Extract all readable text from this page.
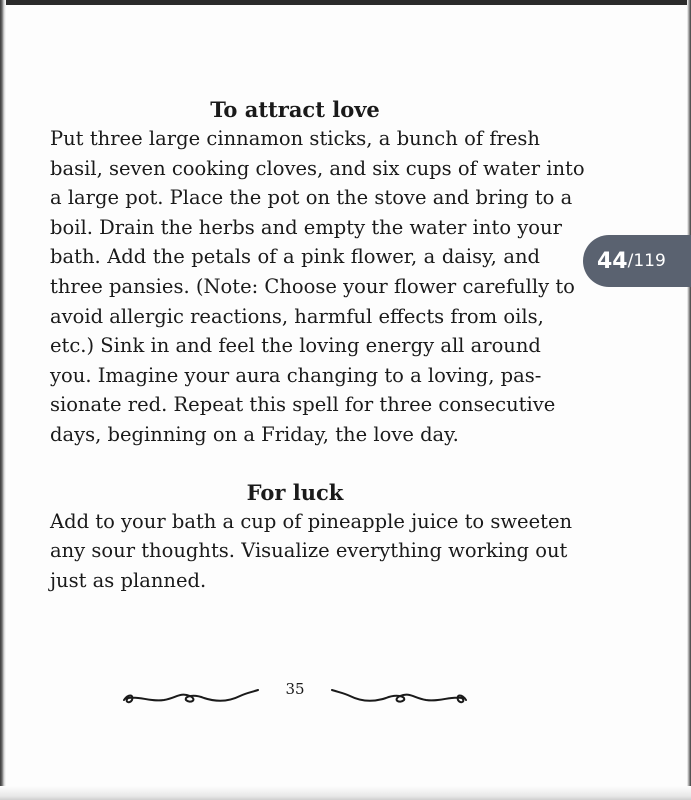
To attract love
Put three large cinnamon sticks, a bunch of fresh
basil, seven cooking cloves, and six cups of water into
a large pot. Place the pot on the stove and bring to a
boil. Drain the herbs and empty the water into your
bath. Add the petals of a pink flower, a daisy, and
three pansies. (Note: Choose your flower carefully to
avoid allergic reactions, harmful effects from oils,
etc.) Sink in and feel the loving energy all around
you. Imagine your aura changing to a loving, pas-
sionate red. Repeat this spell for three consecutive
days, beginning on a Friday, the love day.
For luck
Add to your bath a cup of pineapple juice to sweeten
any sour thoughts. Visualize everything working out
just as planned.
35
44 /119
